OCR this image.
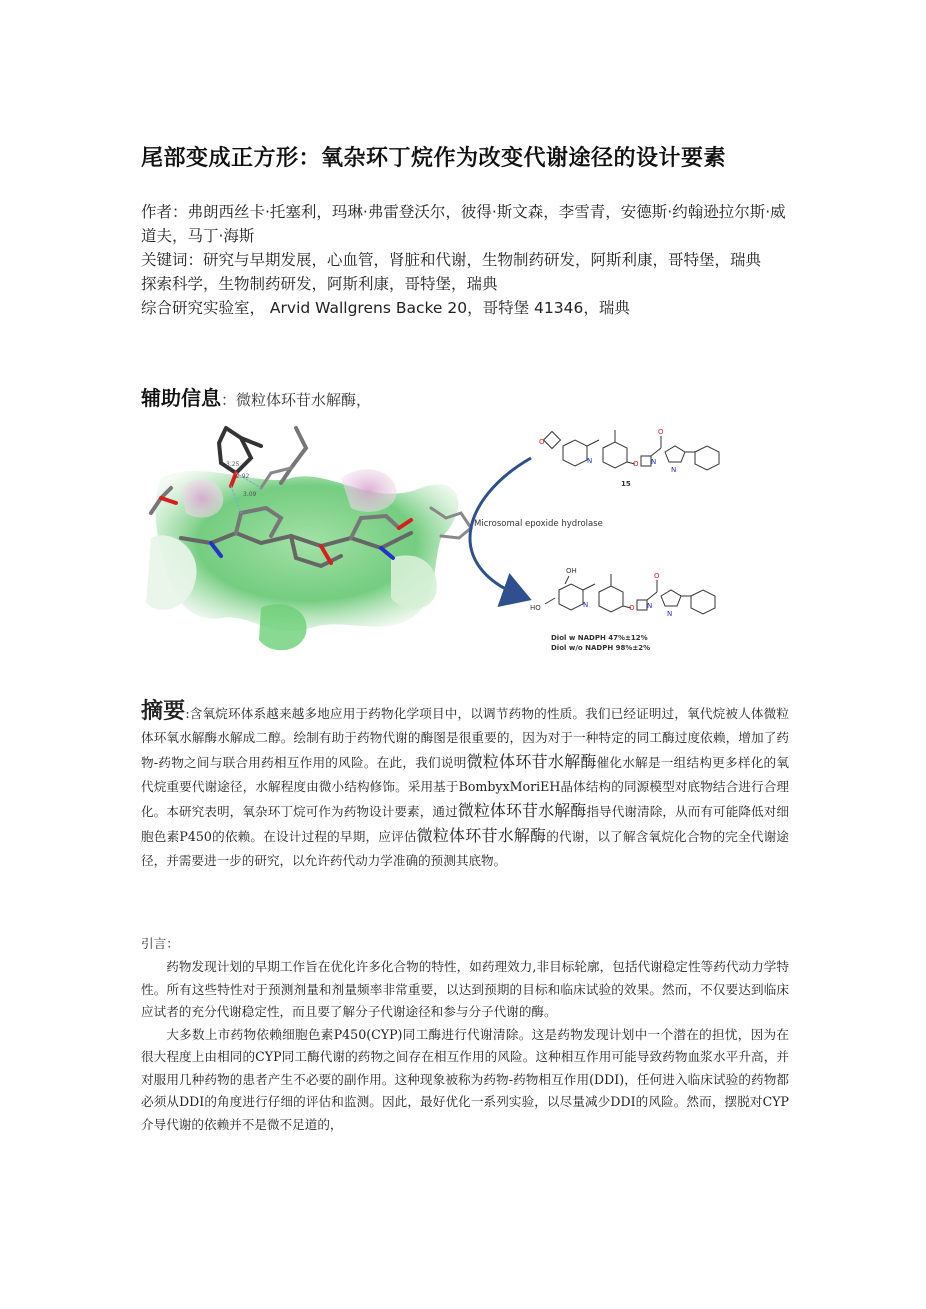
尾部变成正方形：氧杂环丁烷作为改变代谢途径的设计要素
作者：弗朗西丝卡·托塞利，玛琳·弗雷登沃尔，彼得·斯文森，李雪青，安德斯·约翰逊拉尔斯·威道夫，马丁·海斯
关键词：研究与早期发展，心血管，肾脏和代谢，生物制药研发，阿斯利康，哥特堡，瑞典
探索科学，生物制药研发，阿斯利康，哥特堡，瑞典
综合研究实验室， Arvid Wallgrens Backe 20，哥特堡 41346，瑞典
辅助信息：微粒体环苷水解酶，
2.92
3.09
3.25
Microsomal epoxide hydrolase
O
N	O N
O
N
15
OH
HO	N	O N
O
N
Diol w NADPH 47%±12%
Diol w/o NADPH 98%±2%
摘要:含氧烷环体系越来越多地应用于药物化学项目中，以调节药物的性质。我们已经证明过，氧代烷被人体微粒体环氧水解酶水解成二醇。绘制有助于药物代谢的酶图是很重要的，因为对于一种特定的同工酶过度依赖，增加了药物-药物之间与联合用药相互作用的风险。在此，我们说明微粒体环苷水解酶催化水解是一组结构更多样化的氧代烷重要代谢途径，水解程度由微小结构修饰。采用基于BombyxMoriEH晶体结构的同源模型对底物结合进行合理化。本研究表明，氧杂环丁烷可作为药物设计要素，通过微粒体环苷水解酶指导代谢清除，从而有可能降低对细胞色素P450的依赖。在设计过程的早期，应评估微粒体环苷水解酶的代谢，以了解含氧烷化合物的完全代谢途径，并需要进一步的研究，以允许药代动力学准确的预测其底物。
引言：

药物发现计划的早期工作旨在优化许多化合物的特性，如药理效力,非目标轮廓，包括代谢稳定性等药代动力学特性。所有这些特性对于预测剂量和剂量频率非常重要，以达到预期的目标和临床试验的效果。然而，不仅要达到临床应试者的充分代谢稳定性，而且要了解分子代谢途径和参与分子代谢的酶。

大多数上市药物依赖细胞色素P450(CYP)同工酶进行代谢清除。这是药物发现计划中一个潜在的担忧，因为在很大程度上由相同的CYP同工酶代谢的药物之间存在相互作用的风险。这种相互作用可能导致药物血浆水平升高，并对服用几种药物的患者产生不必要的副作用。这种现象被称为药物-药物相互作用(DDI)，任何进入临床试验的药物都必须从DDI的角度进行仔细的评估和监测。因此，最好优化一系列实验，以尽量减少DDI的风险。然而，摆脱对CYP介导代谢的依赖并不是微不足道的，
